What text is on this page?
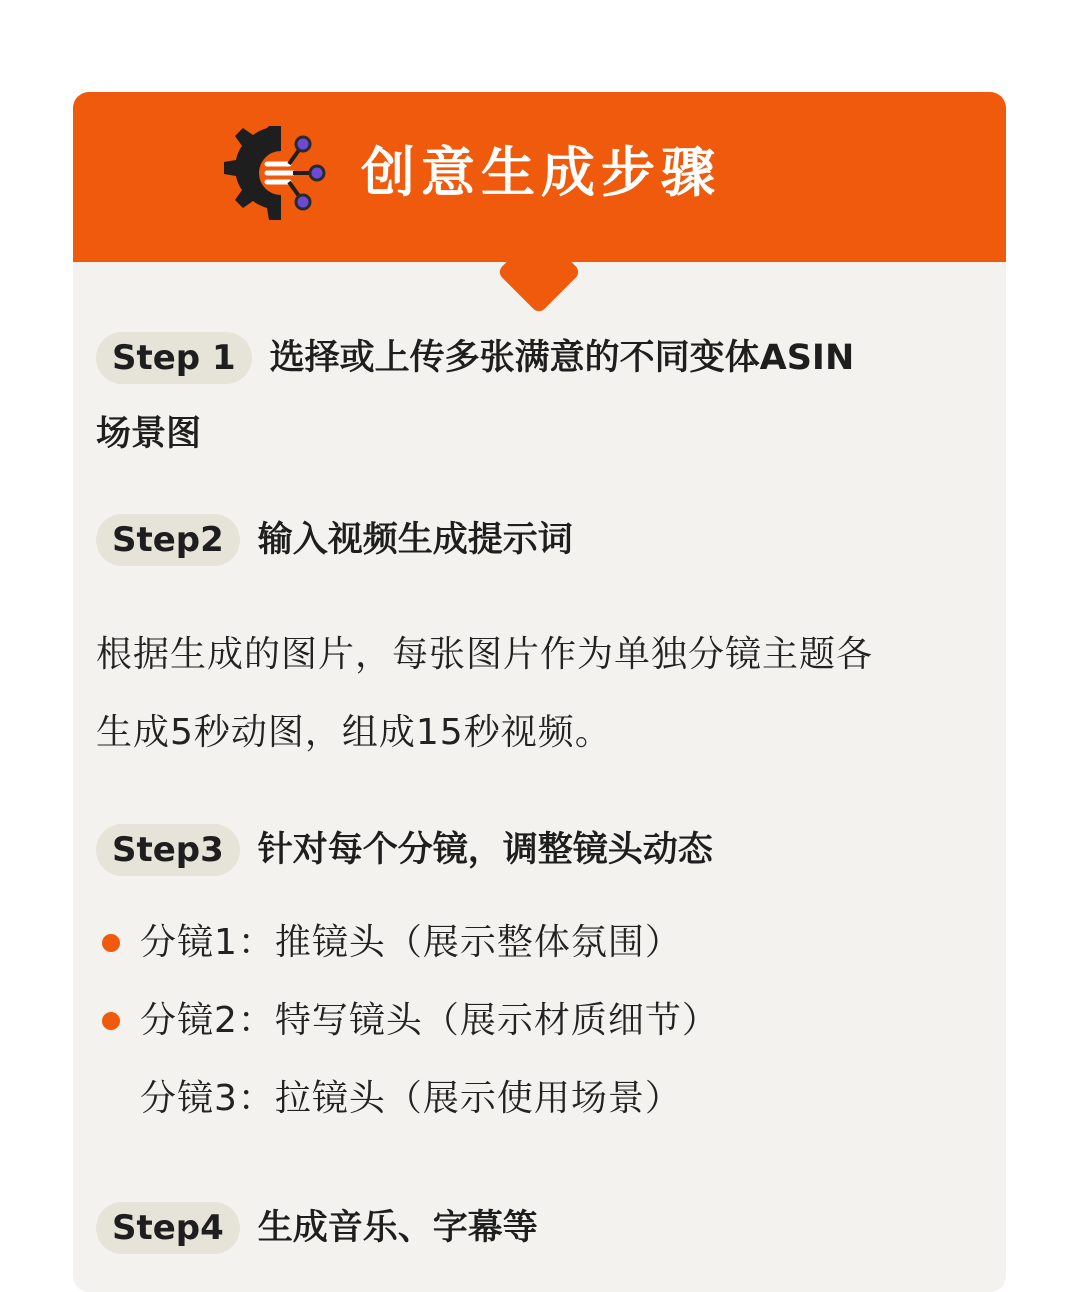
创意生成步骤
Step 1 选择或上传多张满意的不同变体ASIN
场景图
Step2 输入视频生成提示词
根据生成的图片，每张图片作为单独分镜主题各
生成5秒动图，组成15秒视频。
Step3 针对每个分镜，调整镜头动态
分镜1：推镜头（展示整体氛围）
分镜2：特写镜头（展示材质细节）
分镜3：拉镜头（展示使用场景）
Step4 生成音乐、字幕等
